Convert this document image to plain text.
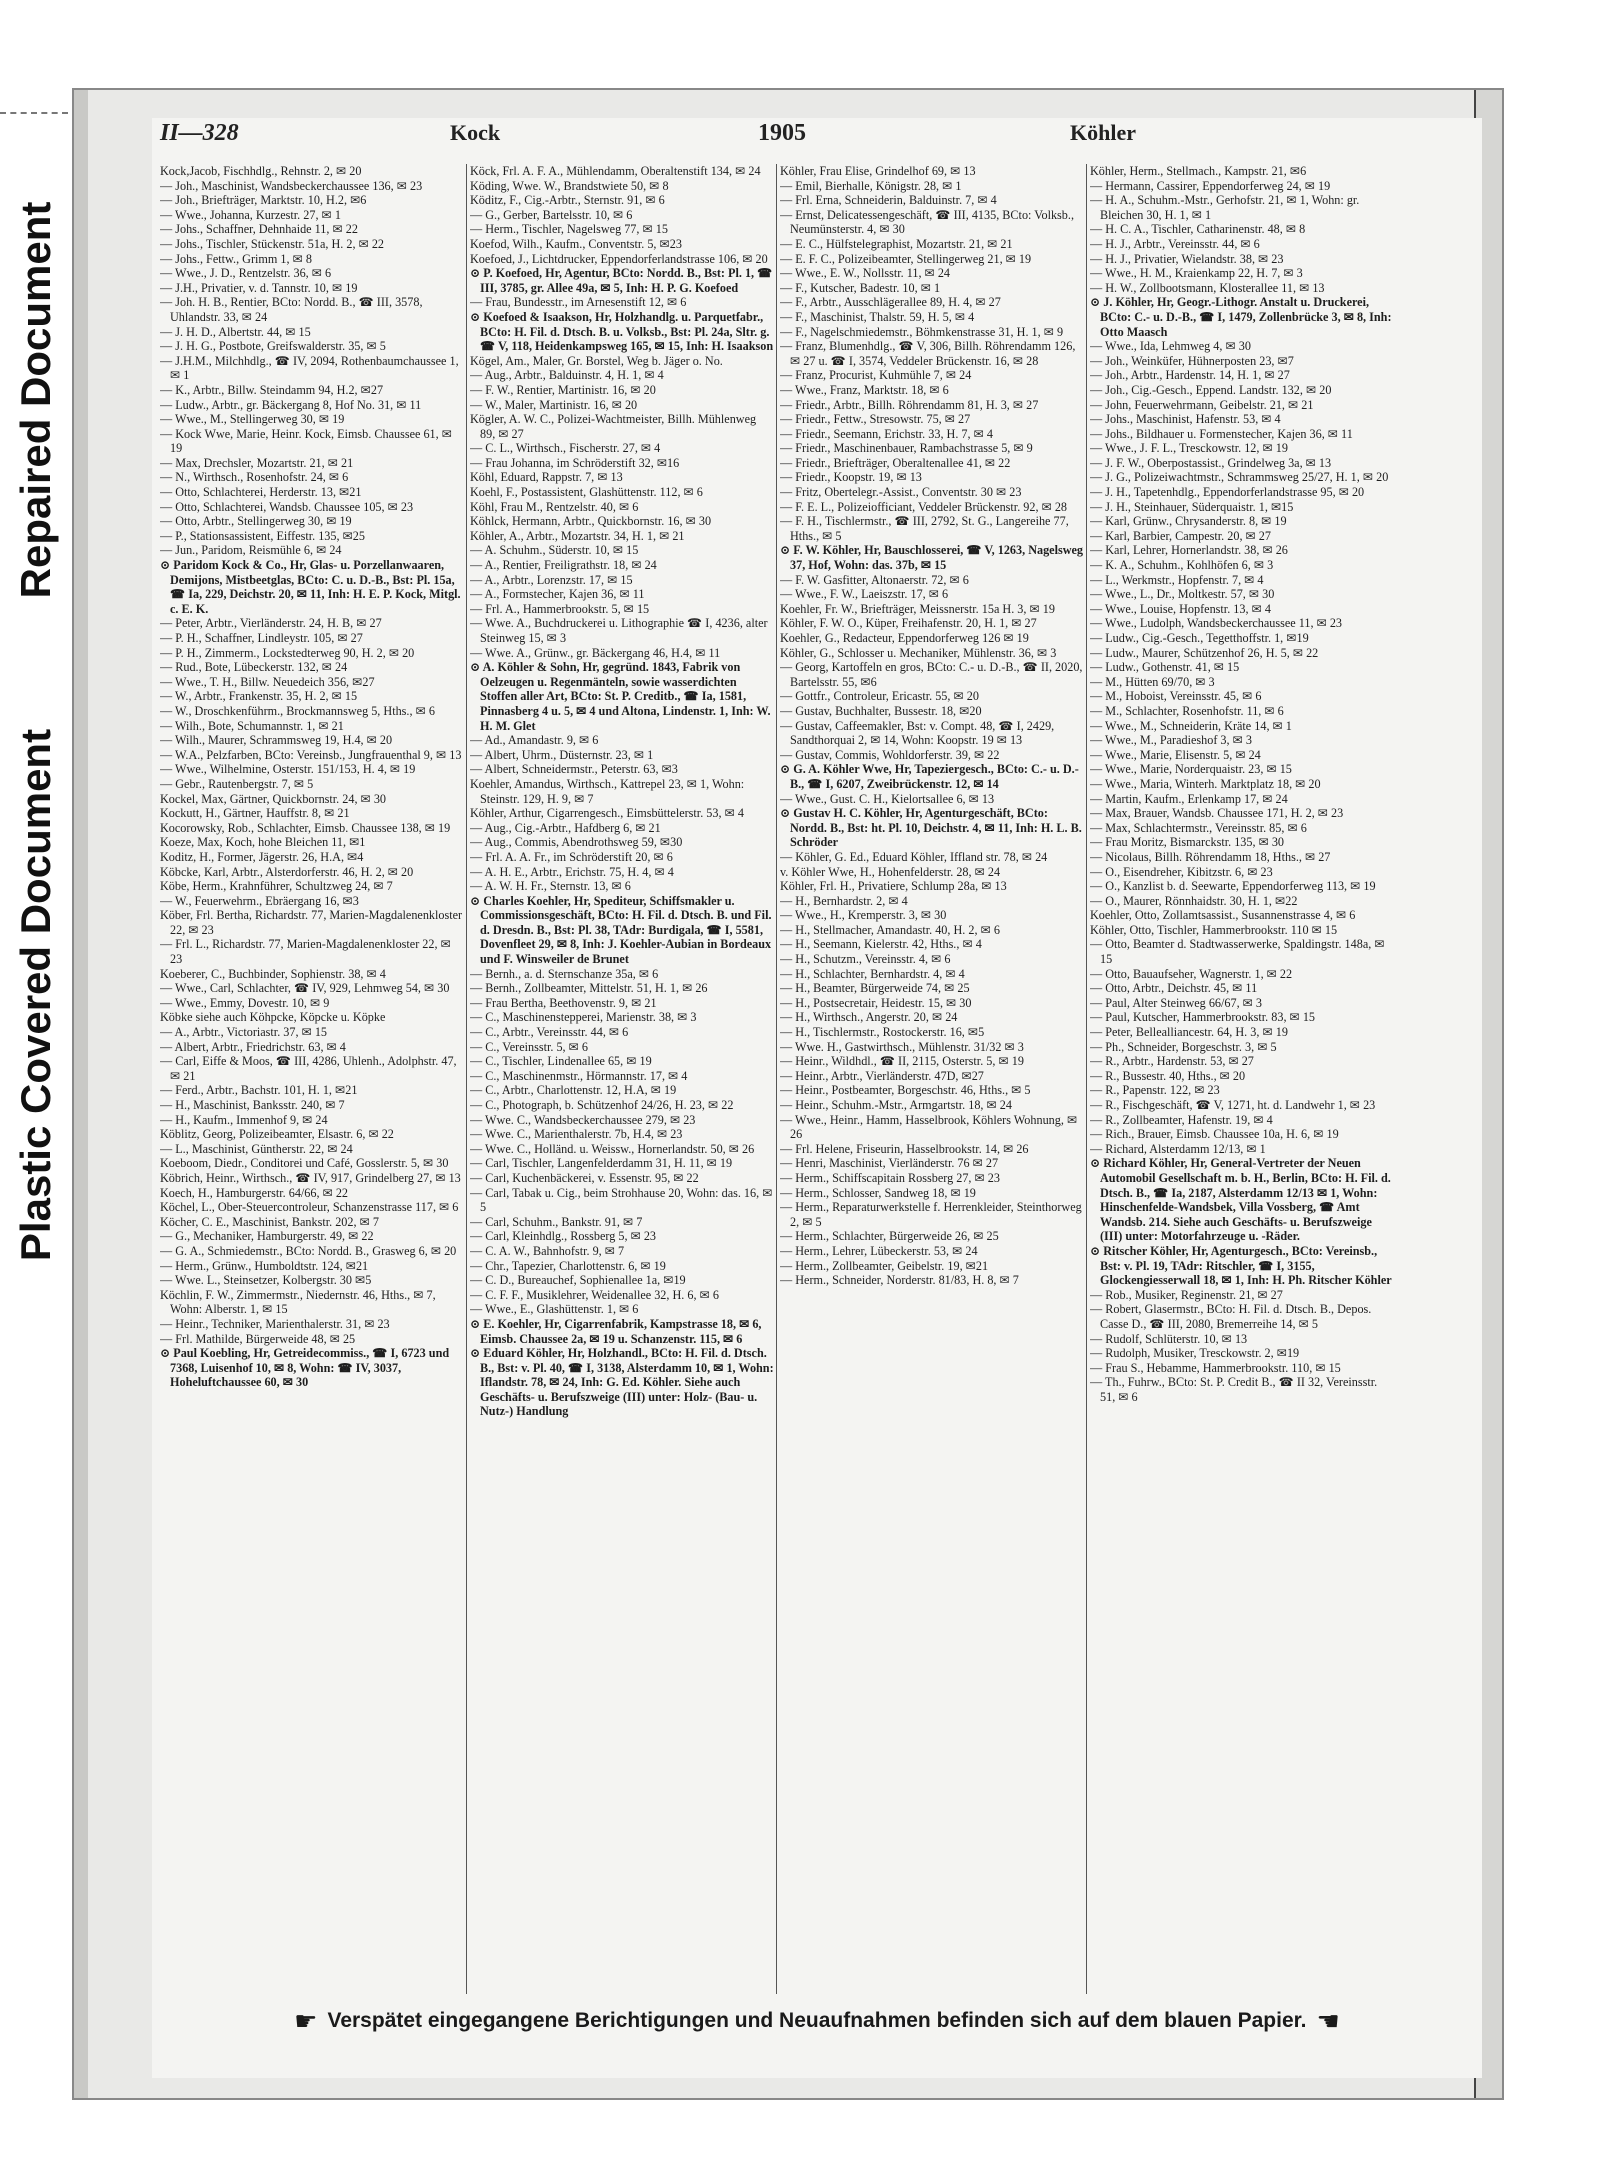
Repaired Document
Plastic Covered Document
II—328	Kock	1905	Köhler

Kock,Jacob, Fischhdlg., Rehnstr. 2, ✉ 20

— Joh., Maschinist, Wandsbeckerchaussee 136, ✉ 23

— Joh., Briefträger, Marktstr. 10, H.2, ✉6

— Wwe., Johanna, Kurzestr. 27, ✉ 1

— Johs., Schaffner, Dehnhaide 11, ✉ 22

— Johs., Tischler, Stückenstr. 51a, H. 2, ✉ 22

— Johs., Fettw., Grimm 1, ✉ 8

— Wwe., J. D., Rentzelstr. 36, ✉ 6

— J.H., Privatier, v. d. Tannstr. 10, ✉ 19

— Joh. H. B., Rentier, BCto: Nordd. B., ☎ III, 3578, Uhlandstr. 33, ✉ 24

— J. H. D., Albertstr. 44, ✉ 15

— J. H. G., Postbote, Greifswalderstr. 35, ✉ 5

— J.H.M., Milchhdlg., ☎ IV, 2094, Rothenbaumchaussee 1, ✉ 1

— K., Arbtr., Billw. Steindamm 94, H.2, ✉27

— Ludw., Arbtr., gr. Bäckergang 8, Hof No. 31, ✉ 11

— Wwe., M., Stellingerweg 30, ✉ 19

— Kock Wwe, Marie, Heinr. Kock, Eimsb. Chaussee 61, ✉ 19

— Max, Drechsler, Mozartstr. 21, ✉ 21

— N., Wirthsch., Rosenhofstr. 24, ✉ 6

— Otto, Schlachterei, Herderstr. 13, ✉21

— Otto, Schlachterei, Wandsb. Chaussee 105, ✉ 23

— Otto, Arbtr., Stellingerweg 30, ✉ 19

— P., Stationsassistent, Eiffestr. 135, ✉25

— Jun., Paridom, Reismühle 6, ✉ 24

⊙ Paridom Kock & Co., Hr, Glas- u. Porzellanwaaren, Demijons, Mistbeetglas, BCto: C. u. D.-B., Bst: Pl. 15a, ☎ Ia, 229, Deichstr. 20, ✉ 11, Inh: H. E. P. Kock, Mitgl. c. E. K.

— Peter, Arbtr., Vierländerstr. 24, H. B, ✉ 27

— P. H., Schaffner, Lindleystr. 105, ✉ 27

— P. H., Zimmerm., Lockstedterweg 90, H. 2, ✉ 20

— Rud., Bote, Lübeckerstr. 132, ✉ 24

— Wwe., T. H., Billw. Neuedeich 356, ✉27

— W., Arbtr., Frankenstr. 35, H. 2, ✉ 15

— W., Droschkenführm., Brockmannsweg 5, Hths., ✉ 6

— Wilh., Bote, Schumannstr. 1, ✉ 21

— Wilh., Maurer, Schrammsweg 19, H.4, ✉ 20

— W.A., Pelzfarben, BCto: Vereinsb., Jungfrauenthal 9, ✉ 13

— Wwe., Wilhelmine, Osterstr. 151/153, H. 4, ✉ 19

— Gebr., Rautenbergstr. 7, ✉ 5

Kockel, Max, Gärtner, Quickbornstr. 24, ✉ 30

Kockutt, H., Gärtner, Hauffstr. 8, ✉ 21

Kocorowsky, Rob., Schlachter, Eimsb. Chaussee 138, ✉ 19

Koeze, Max, Koch, hohe Bleichen 11, ✉1

Koditz, H., Former, Jägerstr. 26, H.A, ✉4

Köbcke, Karl, Arbtr., Alsterdorferstr. 46, H. 2, ✉ 20

Köbe, Herm., Krahnführer, Schultzweg 24, ✉ 7

— W., Feuerwehrm., Ebräergang 16, ✉3

Köber, Frl. Bertha, Richardstr. 77, Marien-Magdalenenkloster 22, ✉ 23

— Frl. L., Richardstr. 77, Marien-Magdalenenkloster 22, ✉ 23

Koeberer, C., Buchbinder, Sophienstr. 38, ✉ 4

— Wwe., Carl, Schlachter, ☎ IV, 929, Lehmweg 54, ✉ 30

— Wwe., Emmy, Dovestr. 10, ✉ 9

Köbke siehe auch Köhpcke, Köpcke u. Köpke

— A., Arbtr., Victoriastr. 37, ✉ 15

— Albert, Arbtr., Friedrichstr. 63, ✉ 4

— Carl, Eiffe & Moos, ☎ III, 4286, Uhlenh., Adolphstr. 47, ✉ 21

— Ferd., Arbtr., Bachstr. 101, H. 1, ✉21

— H., Maschinist, Banksstr. 240, ✉ 7

— H., Kaufm., Immenhof 9, ✉ 24

Köblitz, Georg, Polizeibeamter, Elsastr. 6, ✉ 22

— L., Maschinist, Güntherstr. 22, ✉ 24

Koeboom, Diedr., Conditorei und Café, Gosslerstr. 5, ✉ 30

Köbrich, Heinr., Wirthsch., ☎ IV, 917, Grindelberg 27, ✉ 13

Koech, H., Hamburgerstr. 64/66, ✉ 22

Köchel, L., Ober-Steuercontroleur, Schanzenstrasse 117, ✉ 6

Köcher, C. E., Maschinist, Bankstr. 202, ✉ 7

— G., Mechaniker, Hamburgerstr. 49, ✉ 22

— G. A., Schmiedemstr., BCto: Nordd. B., Grasweg 6, ✉ 20

— Herm., Grünw., Humboldtstr. 124, ✉21

— Wwe. L., Steinsetzer, Kolbergstr. 30 ✉5

Köchlin, F. W., Zimmermstr., Niedernstr. 46, Hths., ✉ 7, Wohn: Alberstr. 1, ✉ 15

— Heinr., Techniker, Marienthalerstr. 31, ✉ 23

— Frl. Mathilde, Bürgerweide 48, ✉ 25

⊙ Paul Koebling, Hr, Getreidecommiss., ☎ I, 6723 und 7368, Luisenhof 10, ✉ 8, Wohn: ☎ IV, 3037, Hoheluftchaussee 60, ✉ 30

Köck, Frl. A. F. A., Mühlendamm, Oberaltenstift 134, ✉ 24

Köding, Wwe. W., Brandstwiete 50, ✉ 8

Köditz, F., Cig.-Arbtr., Sternstr. 91, ✉ 6

— G., Gerber, Bartelsstr. 10, ✉ 6

— Herm., Tischler, Nagelsweg 77, ✉ 15

Koefod, Wilh., Kaufm., Conventstr. 5, ✉23

Koefoed, J., Lichtdrucker, Eppendorferlandstrasse 106, ✉ 20

⊙ P. Koefoed, Hr, Agentur, BCto: Nordd. B., Bst: Pl. 1, ☎ III, 3785, gr. Allee 49a, ✉ 5, Inh: H. P. G. Koefoed

— Frau, Bundesstr., im Arnesenstift 12, ✉ 6

⊙ Koefoed & Isaakson, Hr, Holzhandlg. u. Parquetfabr., BCto: H. Fil. d. Dtsch. B. u. Volksb., Bst: Pl. 24a, Sltr. g. ☎ V, 118, Heidenkampsweg 165, ✉ 15, Inh: H. Isaakson

Kögel, Am., Maler, Gr. Borstel, Weg b. Jäger o. No.

— Aug., Arbtr., Balduinstr. 4, H. 1, ✉ 4

— F. W., Rentier, Martinistr. 16, ✉ 20

— W., Maler, Martinistr. 16, ✉ 20

Kögler, A. W. C., Polizei-Wachtmeister, Billh. Mühlenweg 89, ✉ 27

— C. L., Wirthsch., Fischerstr. 27, ✉ 4

— Frau Johanna, im Schröderstift 32, ✉16

Köhl, Eduard, Rappstr. 7, ✉ 13

Koehl, F., Postassistent, Glashüttenstr. 112, ✉ 6

Köhl, Frau M., Rentzelstr. 40, ✉ 6

Köhlck, Hermann, Arbtr., Quickbornstr. 16, ✉ 30

Köhler, A., Arbtr., Mozartstr. 34, H. 1, ✉ 21

— A. Schuhm., Süderstr. 10, ✉ 15

— A., Rentier, Freiligrathstr. 18, ✉ 24

— A., Arbtr., Lorenzstr. 17, ✉ 15

— A., Formstecher, Kajen 36, ✉ 11

— Frl. A., Hammerbrookstr. 5, ✉ 15

— Wwe. A., Buchdruckerei u. Lithographie ☎ I, 4236, alter Steinweg 15, ✉ 3

— Wwe. A., Grünw., gr. Bäckergang 46, H.4, ✉ 11

⊙ A. Köhler & Sohn, Hr, gegründ. 1843, Fabrik von Oelzeugen u. Regenmänteln, sowie wasserdichten Stoffen aller Art, BCto: St. P. Creditb., ☎ Ia, 1581, Pinnasberg 4 u. 5, ✉ 4 und Altona, Lindenstr. 1, Inh: W. H. M. Glet

— Ad., Amandastr. 9, ✉ 6

— Albert, Uhrm., Düsternstr. 23, ✉ 1

— Albert, Schneidermstr., Peterstr. 63, ✉3

Koehler, Amandus, Wirthsch., Kattrepel 23, ✉ 1, Wohn: Steinstr. 129, H. 9, ✉ 7

Köhler, Arthur, Cigarrengesch., Eimsbüttelerstr. 53, ✉ 4

— Aug., Cig.-Arbtr., Hafdberg 6, ✉ 21

— Aug., Commis, Abendrothsweg 59, ✉30

— Frl. A. A. Fr., im Schröderstift 20, ✉ 6

— A. H. E., Arbtr., Erichstr. 75, H. 4, ✉ 4

— A. W. H. Fr., Sternstr. 13, ✉ 6

⊙ Charles Koehler, Hr, Spediteur, Schiffsmakler u. Commissionsgeschäft, BCto: H. Fil. d. Dtsch. B. und Fil. d. Dresdn. B., Bst: Pl. 38, TAdr: Burdigala, ☎ I, 5581, Dovenfleet 29, ✉ 8, Inh: J. Koehler-Aubian in Bordeaux und F. Winsweiler de Brunet

— Bernh., a. d. Sternschanze 35a, ✉ 6

— Bernh., Zollbeamter, Mittelstr. 51, H. 1, ✉ 26

— Frau Bertha, Beethovenstr. 9, ✉ 21

— C., Maschinenstepperei, Marienstr. 38, ✉ 3

— C., Arbtr., Vereinsstr. 44, ✉ 6

— C., Vereinsstr. 5, ✉ 6

— C., Tischler, Lindenallee 65, ✉ 19

— C., Maschinenmstr., Hörmannstr. 17, ✉ 4

— C., Arbtr., Charlottenstr. 12, H.A, ✉ 19

— C., Photograph, b. Schützenhof 24/26, H. 23, ✉ 22

— Wwe. C., Wandsbeckerchaussee 279, ✉ 23

— Wwe. C., Marienthalerstr. 7b, H.4, ✉ 23

— Wwe. C., Holländ. u. Weissw., Hornerlandstr. 50, ✉ 26

— Carl, Tischler, Langenfelderdamm 31, H. 11, ✉ 19

— Carl, Kuchenbäckerei, v. Essenstr. 95, ✉ 22

— Carl, Tabak u. Cig., beim Strohhause 20, Wohn: das. 16, ✉ 5

— Carl, Schuhm., Bankstr. 91, ✉ 7

— Carl, Kleinhdlg., Rossberg 5, ✉ 23

— C. A. W., Bahnhofstr. 9, ✉ 7

— Chr., Tapezier, Charlottenstr. 6, ✉ 19

— C. D., Bureauchef, Sophienallee 1a, ✉19

— C. F. F., Musiklehrer, Weidenallee 32, H. 6, ✉ 6

— Wwe., E., Glashüttenstr. 1, ✉ 6

⊙ E. Koehler, Hr, Cigarrenfabrik, Kampstrasse 18, ✉ 6, Eimsb. Chaussee 2a, ✉ 19 u. Schanzenstr. 115, ✉ 6

⊙ Eduard Köhler, Hr, Holzhandl., BCto: H. Fil. d. Dtsch. B., Bst: v. Pl. 40, ☎ I, 3138, Alsterdamm 10, ✉ 1, Wohn: Iflandstr. 78, ✉ 24, Inh: G. Ed. Köhler. Siehe auch Geschäfts- u. Berufszweige (III) unter: Holz- (Bau- u. Nutz-) Handlung

Köhler, Frau Elise, Grindelhof 69, ✉ 13

— Emil, Bierhalle, Königstr. 28, ✉ 1

— Frl. Erna, Schneiderin, Balduinstr. 7, ✉ 4

— Ernst, Delicatessengeschäft, ☎ III, 4135, BCto: Volksb., Neumünsterstr. 4, ✉ 30

— E. C., Hülfstelegraphist, Mozartstr. 21, ✉ 21

— E. F. C., Polizeibeamter, Stellingerweg 21, ✉ 19

— Wwe., E. W., Nollsstr. 11, ✉ 24

— F., Kutscher, Badestr. 10, ✉ 1

— F., Arbtr., Ausschlägerallee 89, H. 4, ✉ 27

— F., Maschinist, Thalstr. 59, H. 5, ✉ 4

— F., Nagelschmiedemstr., Böhmkenstrasse 31, H. 1, ✉ 9

— Franz, Blumenhdlg., ☎ V, 306, Billh. Röhrendamm 126, ✉ 27 u. ☎ I, 3574, Veddeler Brückenstr. 16, ✉ 28

— Franz, Procurist, Kuhmühle 7, ✉ 24

— Wwe., Franz, Marktstr. 18, ✉ 6

— Friedr., Arbtr., Billh. Röhrendamm 81, H. 3, ✉ 27

— Friedr., Fettw., Stresowstr. 75, ✉ 27

— Friedr., Seemann, Erichstr. 33, H. 7, ✉ 4

— Friedr., Maschinenbauer, Rambachstrasse 5, ✉ 9

— Friedr., Briefträger, Oberaltenallee 41, ✉ 22

— Friedr., Koopstr. 19, ✉ 13

— Fritz, Obertelegr.-Assist., Conventstr. 30 ✉ 23

— F. E. L., Polizeiofficiant, Veddeler Brückenstr. 92, ✉ 28

— F. H., Tischlermstr., ☎ III, 2792, St. G., Langereihe 77, Hths., ✉ 5

⊙ F. W. Köhler, Hr, Bauschlosserei, ☎ V, 1263, Nagelsweg 37, Hof, Wohn: das. 37b, ✉ 15

— F. W. Gasfitter, Altonaerstr. 72, ✉ 6

— Wwe., F. W., Laeiszstr. 17, ✉ 6

Koehler, Fr. W., Briefträger, Meissnerstr. 15a H. 3, ✉ 19

Köhler, F. W. O., Küper, Freihafenstr. 20, H. 1, ✉ 27

Koehler, G., Redacteur, Eppendorferweg 126 ✉ 19

Köhler, G., Schlosser u. Mechaniker, Mühlenstr. 36, ✉ 3

— Georg, Kartoffeln en gros, BCto: C.- u. D.-B., ☎ II, 2020, Bartelsstr. 55, ✉6

— Gottfr., Controleur, Ericastr. 55, ✉ 20

— Gustav, Buchhalter, Bussestr. 18, ✉20

— Gustav, Caffeemakler, Bst: v. Compt. 48, ☎ I, 2429, Sandthorquai 2, ✉ 14, Wohn: Koopstr. 19 ✉ 13

— Gustav, Commis, Wohldorferstr. 39, ✉ 22

⊙ G. A. Köhler Wwe, Hr, Tapeziergesch., BCto: C.- u. D.-B., ☎ I, 6207, Zweibrückenstr. 12, ✉ 14

— Wwe., Gust. C. H., Kielortsallee 6, ✉ 13

⊙ Gustav H. C. Köhler, Hr, Agenturgeschäft, BCto: Nordd. B., Bst: ht. Pl. 10, Deichstr. 4, ✉ 11, Inh: H. L. B. Schröder

— Köhler, G. Ed., Eduard Köhler, Iffland str. 78, ✉ 24

v. Köhler Wwe, H., Hohenfelderstr. 28, ✉ 24

Köhler, Frl. H., Privatiere, Schlump 28a, ✉ 13

— H., Bernhardstr. 2, ✉ 4

— Wwe., H., Kremperstr. 3, ✉ 30

— H., Stellmacher, Amandastr. 40, H. 2, ✉ 6

— H., Seemann, Kielerstr. 42, Hths., ✉ 4

— H., Schutzm., Vereinsstr. 4, ✉ 6

— H., Schlachter, Bernhardstr. 4, ✉ 4

— H., Beamter, Bürgerweide 74, ✉ 25

— H., Postsecretair, Heidestr. 15, ✉ 30

— H., Wirthsch., Angerstr. 20, ✉ 24

— H., Tischlermstr., Rostockerstr. 16, ✉5

— Wwe. H., Gastwirthsch., Mühlenstr. 31/32 ✉ 3

— Heinr., Wildhdl., ☎ II, 2115, Osterstr. 5, ✉ 19

— Heinr., Arbtr., Vierländerstr. 47D, ✉27

— Heinr., Postbeamter, Borgeschstr. 46, Hths., ✉ 5

— Heinr., Schuhm.-Mstr., Armgartstr. 18, ✉ 24

— Wwe., Heinr., Hamm, Hasselbrook, Köhlers Wohnung, ✉ 26

— Frl. Helene, Friseurin, Hasselbrookstr. 14, ✉ 26

— Henri, Maschinist, Vierländerstr. 76 ✉ 27

— Herm., Schiffscapitain Rossberg 27, ✉ 23

— Herm., Schlosser, Sandweg 18, ✉ 19

— Herm., Reparaturwerkstelle f. Herrenkleider, Steinthorweg 2, ✉ 5

— Herm., Schlachter, Bürgerweide 26, ✉ 25

— Herm., Lehrer, Lübeckerstr. 53, ✉ 24

— Herm., Zollbeamter, Geibelstr. 19, ✉21

— Herm., Schneider, Norderstr. 81/83, H. 8, ✉ 7

Köhler, Herm., Stellmach., Kampstr. 21, ✉6

— Hermann, Cassirer, Eppendorferweg 24, ✉ 19

— H. A., Schuhm.-Mstr., Gerhofstr. 21, ✉ 1, Wohn: gr. Bleichen 30, H. 1, ✉ 1

— H. C. A., Tischler, Catharinenstr. 48, ✉ 8

— H. J., Arbtr., Vereinsstr. 44, ✉ 6

— H. J., Privatier, Wielandstr. 38, ✉ 23

— Wwe., H. M., Kraienkamp 22, H. 7, ✉ 3

— H. W., Zollbootsmann, Klosterallee 11, ✉ 13

⊙ J. Köhler, Hr, Geogr.-Lithogr. Anstalt u. Druckerei, BCto: C.- u. D.-B., ☎ I, 1479, Zollenbrücke 3, ✉ 8, Inh: Otto Maasch

— Wwe., Ida, Lehmweg 4, ✉ 30

— Joh., Weinküfer, Hühnerposten 23, ✉7

— Joh., Arbtr., Hardenstr. 14, H. 1, ✉ 27

— Joh., Cig.-Gesch., Eppend. Landstr. 132, ✉ 20

— John, Feuerwehrmann, Geibelstr. 21, ✉ 21

— Johs., Maschinist, Hafenstr. 53, ✉ 4

— Johs., Bildhauer u. Formenstecher, Kajen 36, ✉ 11

— Wwe., J. F. L., Tresckowstr. 12, ✉ 19

— J. F. W., Oberpostassist., Grindelweg 3a, ✉ 13

— J. G., Polizeiwachtmstr., Schrammsweg 25/27, H. 1, ✉ 20

— J. H., Tapetenhdlg., Eppendorferlandstrasse 95, ✉ 20

— J. H., Steinhauer, Süderquaistr. 1, ✉15

— Karl, Grünw., Chrysanderstr. 8, ✉ 19

— Karl, Barbier, Campestr. 20, ✉ 27

— Karl, Lehrer, Hornerlandstr. 38, ✉ 26

— K. A., Schuhm., Kohlhöfen 6, ✉ 3

— L., Werkmstr., Hopfenstr. 7, ✉ 4

— Wwe., L., Dr., Moltkestr. 57, ✉ 30

— Wwe., Louise, Hopfenstr. 13, ✉ 4

— Wwe., Ludolph, Wandsbeckerchaussee 11, ✉ 23

— Ludw., Cig.-Gesch., Tegetthoffstr. 1, ✉19

— Ludw., Maurer, Schützenhof 26, H. 5, ✉ 22

— Ludw., Gothenstr. 41, ✉ 15

— M., Hütten 69/70, ✉ 3

— M., Hoboist, Vereinsstr. 45, ✉ 6

— M., Schlachter, Rosenhofstr. 11, ✉ 6

— Wwe., M., Schneiderin, Kräte 14, ✉ 1

— Wwe., M., Paradieshof 3, ✉ 3

— Wwe., Marie, Elisenstr. 5, ✉ 24

— Wwe., Marie, Norderquaistr. 23, ✉ 15

— Wwe., Maria, Winterh. Marktplatz 18, ✉ 20

— Martin, Kaufm., Erlenkamp 17, ✉ 24

— Max, Brauer, Wandsb. Chaussee 171, H. 2, ✉ 23

— Max, Schlachtermstr., Vereinsstr. 85, ✉ 6

— Frau Moritz, Bismarckstr. 135, ✉ 30

— Nicolaus, Billh. Röhrendamm 18, Hths., ✉ 27

— O., Eisendreher, Kibitzstr. 6, ✉ 23

— O., Kanzlist b. d. Seewarte, Eppendorferweg 113, ✉ 19

— O., Maurer, Rönnhaidstr. 30, H. 1, ✉22

Koehler, Otto, Zollamtsassist., Susannenstrasse 4, ✉ 6

Köhler, Otto, Tischler, Hammerbrookstr. 110 ✉ 15

— Otto, Beamter d. Stadtwasserwerke, Spaldingstr. 148a, ✉ 15

— Otto, Bauaufseher, Wagnerstr. 1, ✉ 22

— Otto, Arbtr., Deichstr. 45, ✉ 11

— Paul, Alter Steinweg 66/67, ✉ 3

— Paul, Kutscher, Hammerbrookstr. 83, ✉ 15

— Peter, Bellealliancestr. 64, H. 3, ✉ 19

— Ph., Schneider, Borgeschstr. 3, ✉ 5

— R., Arbtr., Hardenstr. 53, ✉ 27

— R., Bussestr. 40, Hths., ✉ 20

— R., Papenstr. 122, ✉ 23

— R., Fischgeschäft, ☎ V, 1271, ht. d. Landwehr 1, ✉ 23

— R., Zollbeamter, Hafenstr. 19, ✉ 4

— Rich., Brauer, Eimsb. Chaussee 10a, H. 6, ✉ 19

— Richard, Alsterdamm 12/13, ✉ 1

⊙ Richard Köhler, Hr, General-Vertreter der Neuen Automobil Gesellschaft m. b. H., Berlin, BCto: H. Fil. d. Dtsch. B., ☎ Ia, 2187, Alsterdamm 12/13 ✉ 1, Wohn: Hinschenfelde-Wandsbek, Villa Vossberg, ☎ Amt Wandsb. 214. Siehe auch Geschäfts- u. Berufszweige (III) unter: Motorfahrzeuge u. -Räder.

⊙ Ritscher Köhler, Hr, Agenturgesch., BCto: Vereinsb., Bst: v. Pl. 19, TAdr: Ritschler, ☎ I, 3155, Glockengiesserwall 18, ✉ 1, Inh: H. Ph. Ritscher Köhler

— Rob., Musiker, Reginenstr. 21, ✉ 27

— Robert, Glasermstr., BCto: H. Fil. d. Dtsch. B., Depos. Casse D., ☎ III, 2080, Bremerreihe 14, ✉ 5

— Rudolf, Schlüterstr. 10, ✉ 13

— Rudolph, Musiker, Tresckowstr. 2, ✉19

— Frau S., Hebamme, Hammerbrookstr. 110, ✉ 15

— Th., Fuhrw., BCto: St. P. Credit B., ☎ II 32, Vereinsstr. 51, ✉ 6

☛ Verspätet eingegangene Berichtigungen und Neuaufnahmen befinden sich auf dem blauen Papier. ☚
